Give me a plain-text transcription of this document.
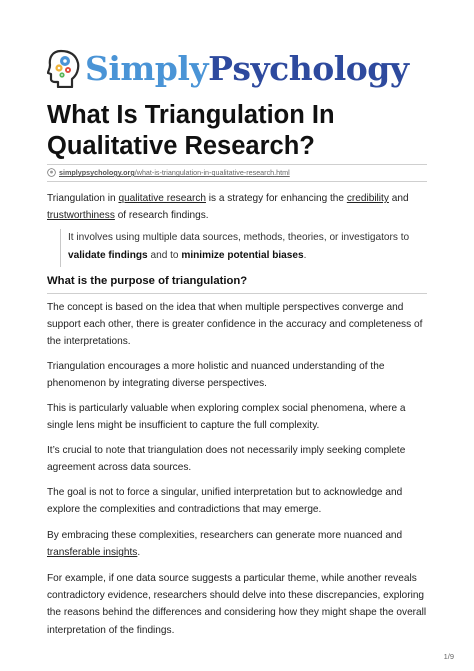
SimplyPsychology
What Is Triangulation In Qualitative Research?
simplypsychology.org /what-is-triangulation-in-qualitative-research.html

Triangulation in qualitative research is a strategy for enhancing the credibility and
trustworthiness of research findings.

It involves using multiple data sources, methods, theories, or investigators to
validate findings and to minimize potential biases.
What is the purpose of triangulation?

The concept is based on the idea that when multiple perspectives converge and support each other, there is greater confidence in the accuracy and completeness of the interpretations.

Triangulation encourages a more holistic and nuanced understanding of the phenomenon by integrating diverse perspectives.

This is particularly valuable when exploring complex social phenomena, where a single lens might be insufficient to capture the full complexity.

It’s crucial to note that triangulation does not necessarily imply seeking complete agreement across data sources.

The goal is not to force a singular, unified interpretation but to acknowledge and explore the complexities and contradictions that may emerge.

By embracing these complexities, researchers can generate more nuanced and transferable insights.

For example, if one data source suggests a particular theme, while another reveals contradictory evidence, researchers should delve into these discrepancies, exploring the reasons behind the differences and considering how they might shape the overall interpretation of the findings.

1/9
